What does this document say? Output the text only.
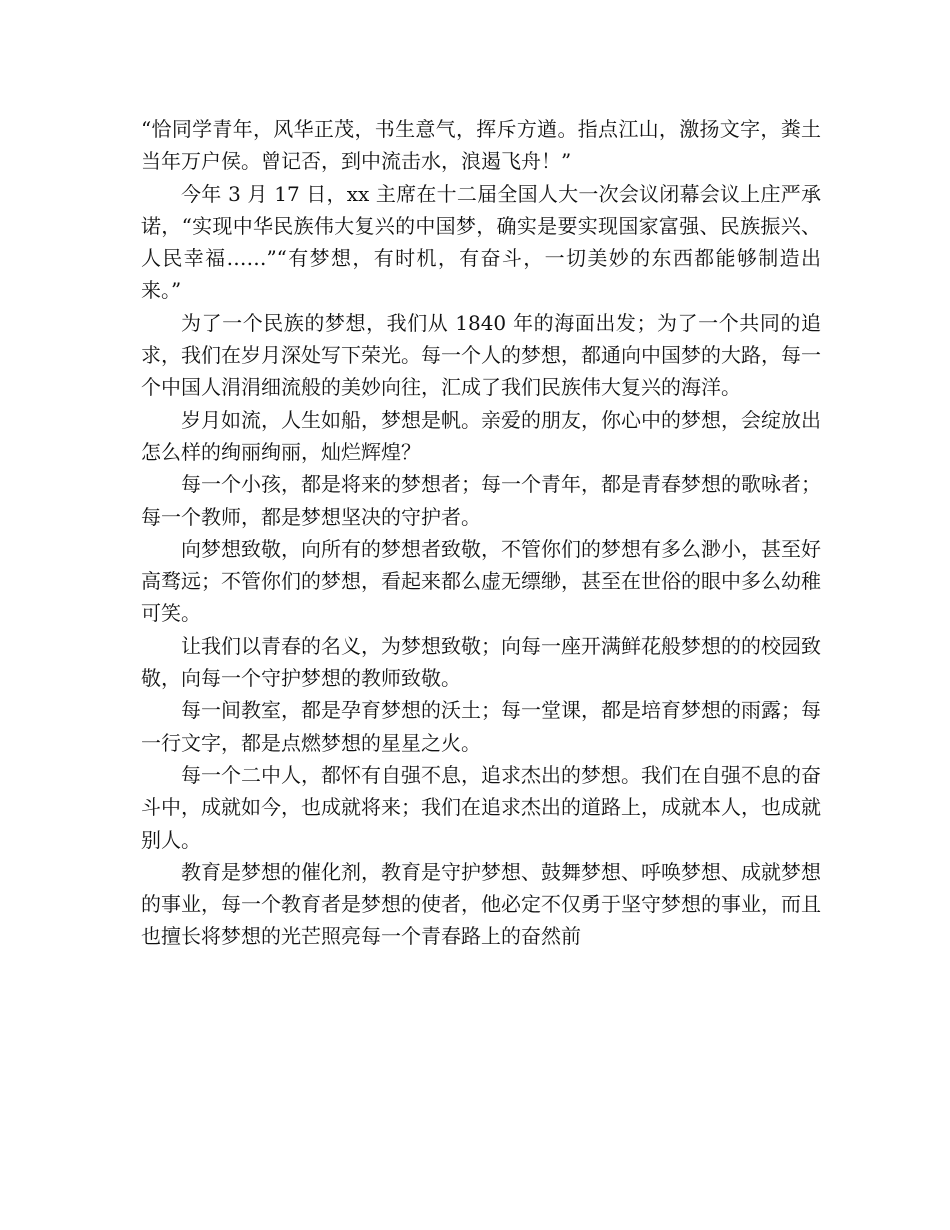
“恰同学青年，风华正茂，书生意气，挥斥方遒。指点江山，激扬文字，粪土当年万户侯。曾记否，到中流击水，浪遏飞舟！”

今年 3 月 17 日，xx 主席在十二届全国人大一次会议闭幕会议上庄严承诺，“实现中华民族伟大复兴的中国梦，确实是要实现国家富强、民族振兴、人民幸福……”“有梦想，有时机，有奋斗，一切美妙的东西都能够制造出来。”

为了一个民族的梦想，我们从 1840 年的海面出发；为了一个共同的追求，我们在岁月深处写下荣光。每一个人的梦想，都通向中国梦的大路，每一个中国人涓涓细流般的美妙向往，汇成了我们民族伟大复兴的海洋。

岁月如流，人生如船，梦想是帆。亲爱的朋友，你心中的梦想，会绽放出怎么样的绚丽绚丽，灿烂辉煌？

每一个小孩，都是将来的梦想者；每一个青年，都是青春梦想的歌咏者；每一个教师，都是梦想坚决的守护者。

向梦想致敬，向所有的梦想者致敬，不管你们的梦想有多么渺小，甚至好高骛远；不管你们的梦想，看起来都么虚无缥缈，甚至在世俗的眼中多么幼稚可笑。

让我们以青春的名义，为梦想致敬；向每一座开满鲜花般梦想的的校园致敬，向每一个守护梦想的教师致敬。

每一间教室，都是孕育梦想的沃土；每一堂课，都是培育梦想的雨露；每一行文字，都是点燃梦想的星星之火。

每一个二中人，都怀有自强不息，追求杰出的梦想。我们在自强不息的奋斗中，成就如今，也成就将来；我们在追求杰出的道路上，成就本人，也成就别人。

教育是梦想的催化剂，教育是守护梦想、鼓舞梦想、呼唤梦想、成就梦想的事业，每一个教育者是梦想的使者，他必定不仅勇于坚守梦想的事业，而且也擅长将梦想的光芒照亮每一个青春路上的奋然前
